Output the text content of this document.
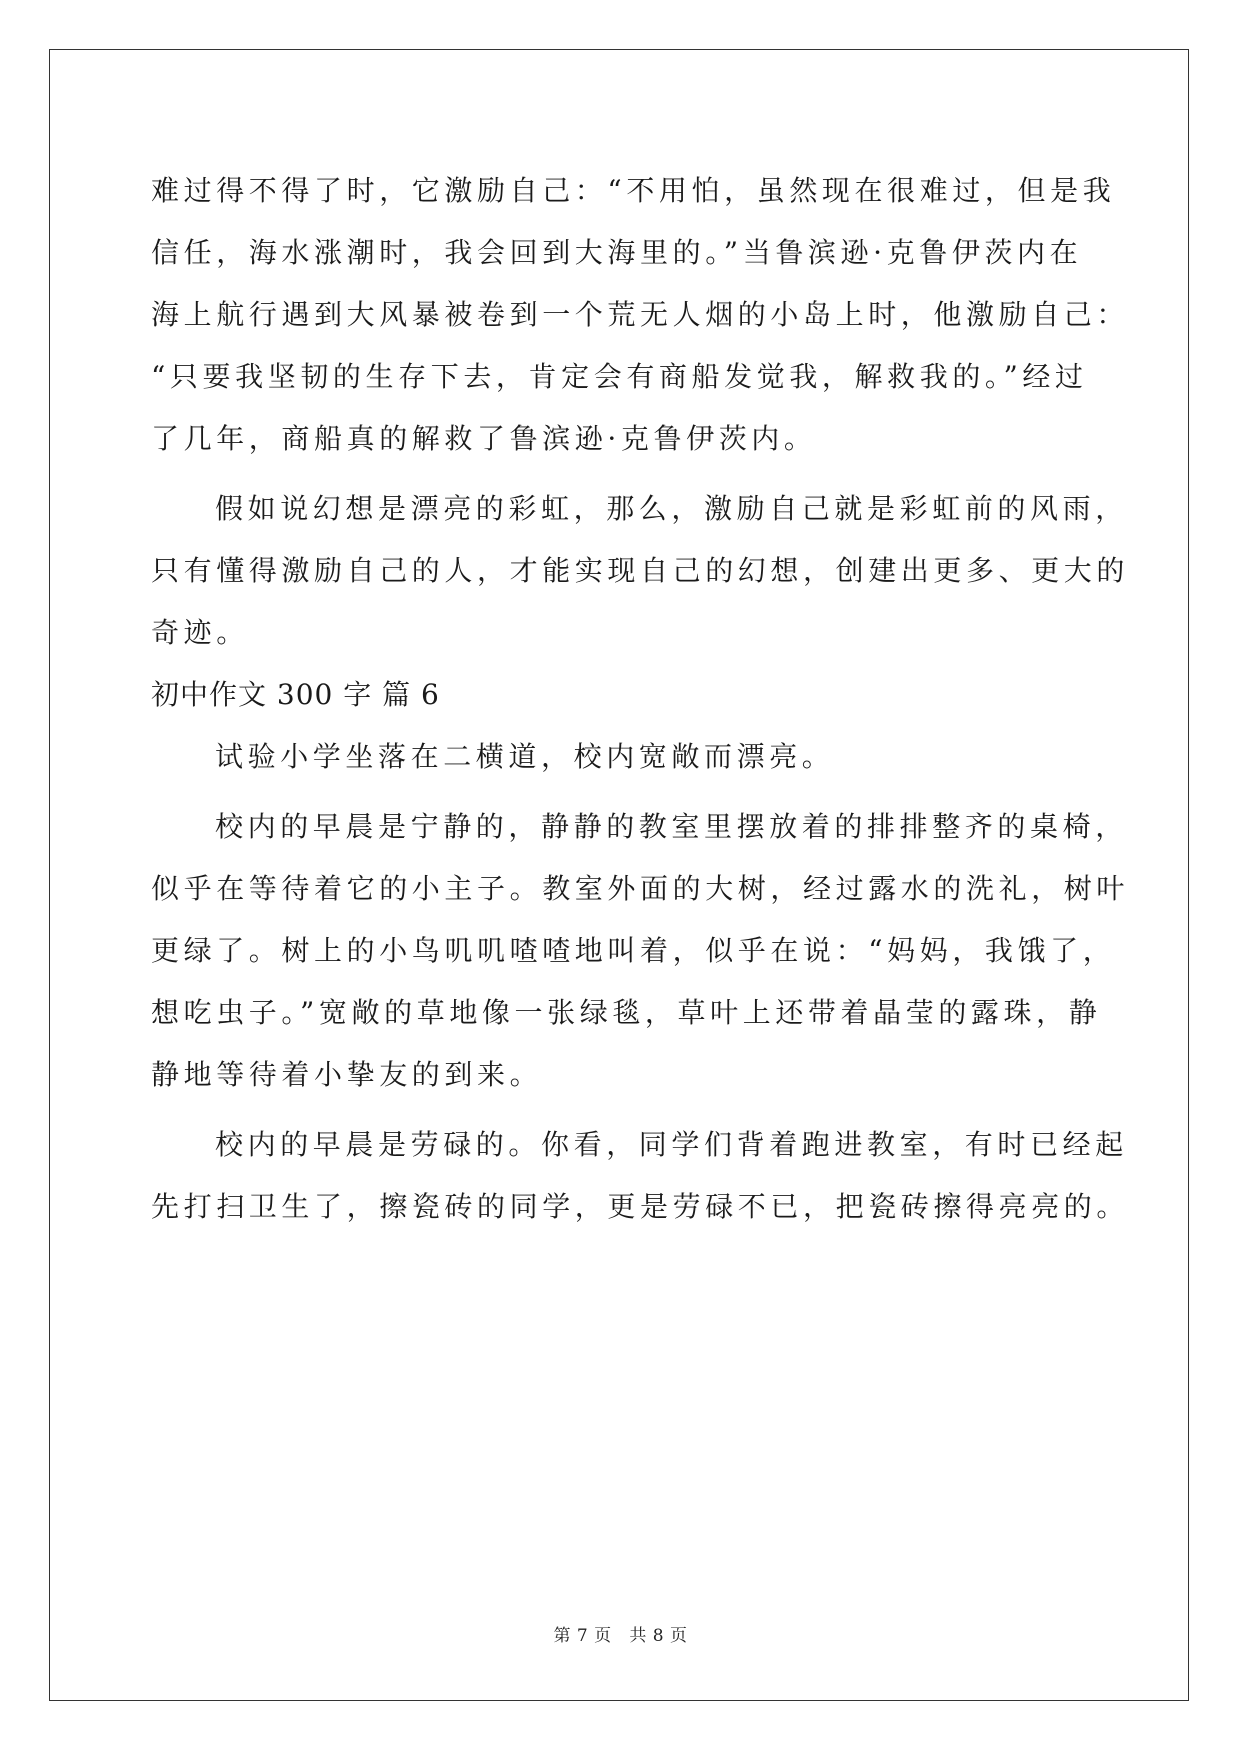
难过得不得了时，它激励自己：“不用怕，虽然现在很难过，但是我
信任，海水涨潮时，我会回到大海里的。”当鲁滨逊·克鲁伊茨内在
海上航行遇到大风暴被卷到一个荒无人烟的小岛上时，他激励自己：
“只要我坚韧的生存下去，肯定会有商船发觉我，解救我的。”经过
了几年，商船真的解救了鲁滨逊·克鲁伊茨内。
假如说幻想是漂亮的彩虹，那么，激励自己就是彩虹前的风雨，
只有懂得激励自己的人，才能实现自己的幻想，创建出更多、更大的
奇迹。
初中作文 300 字 篇 6
试验小学坐落在二横道，校内宽敞而漂亮。
校内的早晨是宁静的，静静的教室里摆放着的排排整齐的桌椅，
似乎在等待着它的小主子。教室外面的大树，经过露水的洗礼，树叶
更绿了。树上的小鸟叽叽喳喳地叫着，似乎在说：“妈妈，我饿了，
想吃虫子。”宽敞的草地像一张绿毯，草叶上还带着晶莹的露珠，静
静地等待着小挚友的到来。
校内的早晨是劳碌的。你看，同学们背着跑进教室，有时已经起
先打扫卫生了，擦瓷砖的同学，更是劳碌不已，把瓷砖擦得亮亮的。
第 7 页   共 8 页
